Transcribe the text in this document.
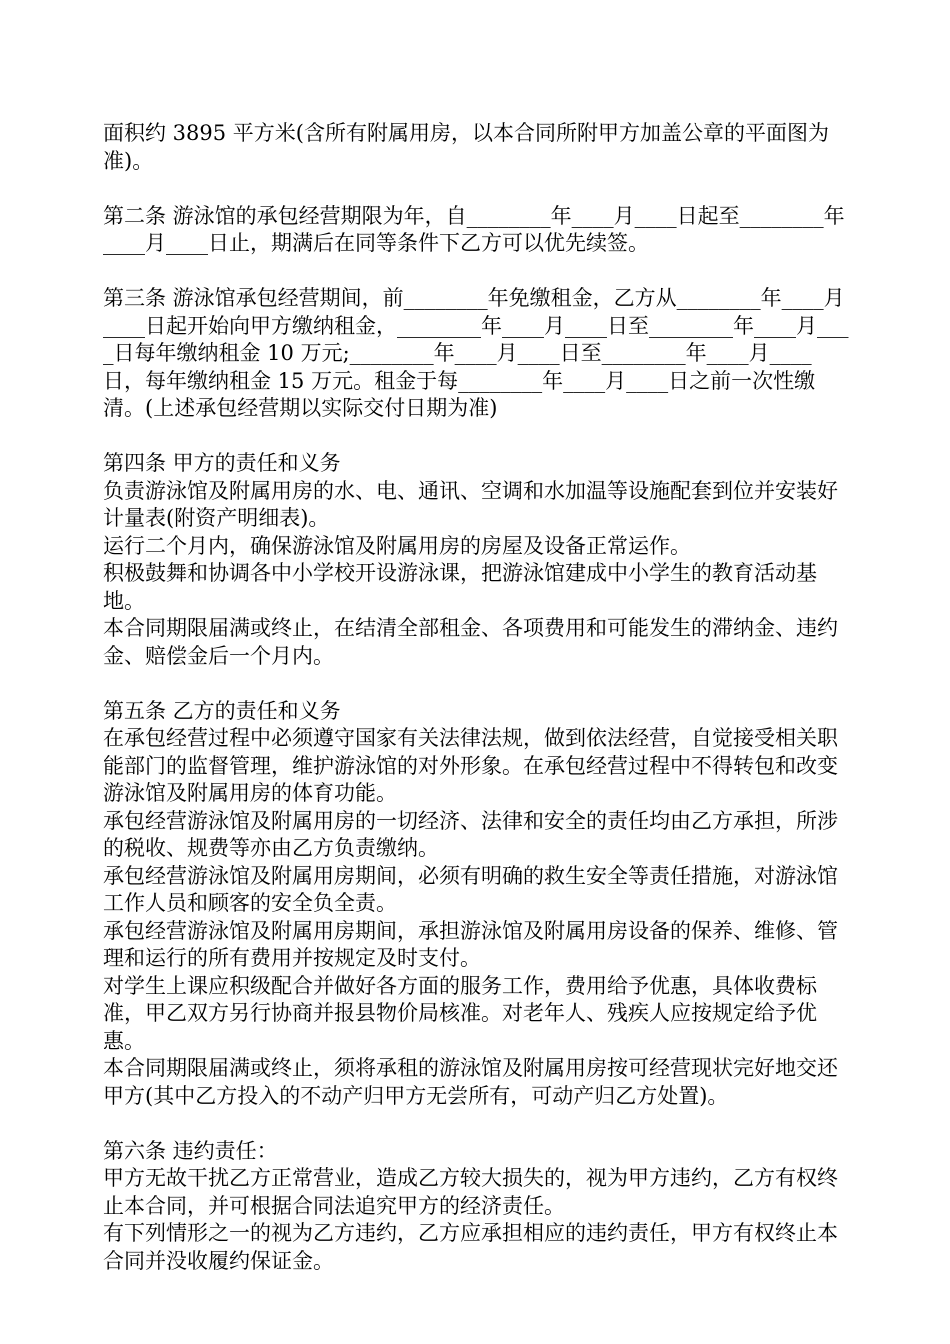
面积约 3895 平方米(含所有附属用房，以本合同所附甲方加盖公章的平面图为准)。

第二条 游泳馆的承包经营期限为年，自________年____月____日起至________年____月____日止，期满后在同等条件下乙方可以优先续签。

第三条 游泳馆承包经营期间，前________年免缴租金，乙方从________年____月____日起开始向甲方缴纳租金，________年____月____日至________年____月____日每年缴纳租金 10 万元;________年____月____日至________年____月____日，每年缴纳租金 15 万元。租金于每________年____月____日之前一次性缴清。(上述承包经营期以实际交付日期为准)

第四条 甲方的责任和义务

负责游泳馆及附属用房的水、电、通讯、空调和水加温等设施配套到位并安装好计量表(附资产明细表)。

运行二个月内，确保游泳馆及附属用房的房屋及设备正常运作。

积极鼓舞和协调各中小学校开设游泳课，把游泳馆建成中小学生的教育活动基地。

本合同期限届满或终止，在结清全部租金、各项费用和可能发生的滞纳金、违约金、赔偿金后一个月内。

第五条 乙方的责任和义务

在承包经营过程中必须遵守国家有关法律法规，做到依法经营，自觉接受相关职能部门的监督管理，维护游泳馆的对外形象。在承包经营过程中不得转包和改变游泳馆及附属用房的体育功能。

承包经营游泳馆及附属用房的一切经济、法律和安全的责任均由乙方承担，所涉的税收、规费等亦由乙方负责缴纳。

承包经营游泳馆及附属用房期间，必须有明确的救生安全等责任措施，对游泳馆工作人员和顾客的安全负全责。

承包经营游泳馆及附属用房期间，承担游泳馆及附属用房设备的保养、维修、管理和运行的所有费用并按规定及时支付。

对学生上课应积级配合并做好各方面的服务工作，费用给予优惠，具体收费标准，甲乙双方另行协商并报县物价局核准。对老年人、残疾人应按规定给予优惠。

本合同期限届满或终止，须将承租的游泳馆及附属用房按可经营现状完好地交还甲方(其中乙方投入的不动产归甲方无尝所有，可动产归乙方处置)。

第六条 违约责任：

甲方无故干扰乙方正常营业，造成乙方较大损失的，视为甲方违约，乙方有权终止本合同，并可根据合同法追究甲方的经济责任。

有下列情形之一的视为乙方违约，乙方应承担相应的违约责任，甲方有权终止本合同并没收履约保证金。
